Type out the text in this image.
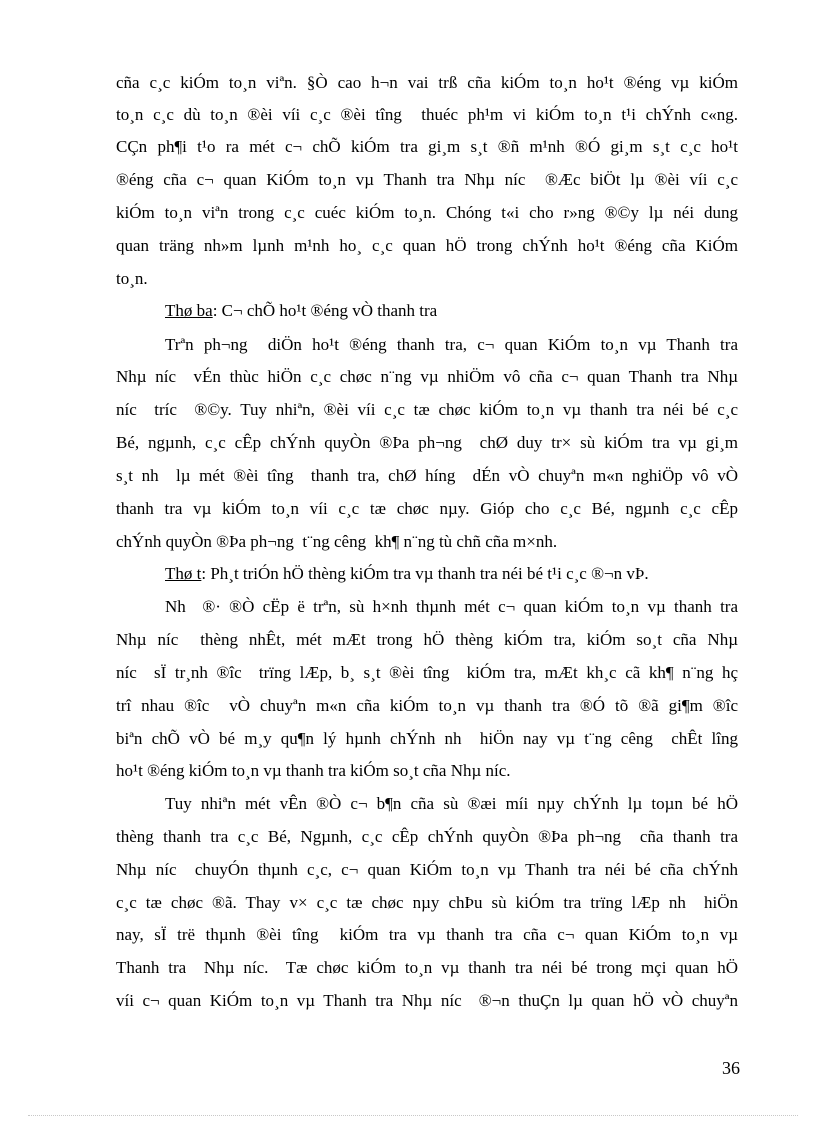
cña c¸c kiÓm to¸n viªn. §Ò cao h¬n vai trß cña kiÓm to¸n ho¹t ®éng vµ kiÓm
to¸n c¸c dù to¸n ®èi víi c¸c ®èi tîng  thuéc ph¹m vi kiÓm to¸n t¹i chÝnh c«ng.
CÇn ph¶i t¹o ra mét c¬ chÕ kiÓm tra gi¸m s¸t ®ñ m¹nh ®Ó gi¸m s¸t c¸c ho¹t
®éng cña c¬ quan KiÓm to¸n vµ Thanh tra Nhµ níc  ®Æc biÖt lµ ®èi víi c¸c
kiÓm to¸n viªn trong c¸c cuéc kiÓm to¸n. Chóng t«i cho r»ng ®©y lµ néi dung
quan träng nh»m lµnh m¹nh ho¸ c¸c quan hÖ trong chÝnh ho¹t ®éng cña KiÓm
to¸n.
Thø ba: C¬ chÕ ho¹t ®éng vÒ thanh tra
Trªn ph¬ng  diÖn ho¹t ®éng thanh tra, c¬ quan KiÓm to¸n vµ Thanh tra
Nhµ níc  vÉn thùc hiÖn c¸c chøc n¨ng vµ nhiÖm vô cña c¬ quan Thanh tra Nhµ
níc  tríc  ®©y. Tuy nhiªn, ®èi víi c¸c tæ chøc kiÓm to¸n vµ thanh tra néi bé c¸c
Bé, ngµnh, c¸c cÊp chÝnh quyÒn ®Þa ph¬ng  chØ duy tr× sù kiÓm tra vµ gi¸m
s¸t nh  lµ mét ®èi tîng  thanh tra, chØ híng  dÉn vÒ chuyªn m«n nghiÖp vô vÒ
thanh tra vµ kiÓm to¸n víi c¸c tæ chøc nµy. Gióp cho c¸c Bé, ngµnh c¸c cÊp
chÝnh quyÒn ®Þa ph¬ng  t¨ng cêng  kh¶ n¨ng tù chñ cña m×nh.
Thø t: Ph¸t triÓn hÖ thèng kiÓm tra vµ thanh tra néi bé t¹i c¸c ®¬n vÞ.
Nh  ®· ®Ò cËp ë trªn, sù h×nh thµnh mét c¬ quan kiÓm to¸n vµ thanh tra
Nhµ níc  thèng nhÊt, mét mÆt trong hÖ thèng kiÓm tra, kiÓm so¸t cña Nhµ
níc  sÏ tr¸nh ®îc  trïng lÆp, b¸ s¸t ®èi tîng  kiÓm tra, mÆt kh¸c cã kh¶ n¨ng hç
trî nhau ®îc  vÒ chuyªn m«n cña kiÓm to¸n vµ thanh tra ®Ó tõ ®ã gi¶m ®îc
biªn chÕ vÒ bé m¸y qu¶n lý hµnh chÝnh nh  hiÖn nay vµ t¨ng cêng  chÊt lîng
ho¹t ®éng kiÓm to¸n vµ thanh tra kiÓm so¸t cña Nhµ níc.
Tuy nhiªn mét vÊn ®Ò c¬ b¶n cña sù ®æi míi nµy chÝnh lµ toµn bé hÖ
thèng thanh tra c¸c Bé, Ngµnh, c¸c cÊp chÝnh quyÒn ®Þa ph¬ng  cña thanh tra
Nhµ níc  chuyÓn thµnh c¸c, c¬ quan KiÓm to¸n vµ Thanh tra néi bé cña chÝnh
c¸c tæ chøc ®ã. Thay v× c¸c tæ chøc nµy chÞu sù kiÓm tra trïng lÆp nh  hiÖn
nay, sÏ trë thµnh ®èi tîng  kiÓm tra vµ thanh tra cña c¬ quan KiÓm to¸n vµ
Thanh tra  Nhµ níc.  Tæ chøc kiÓm to¸n vµ thanh tra néi bé trong mçi quan hÖ
víi c¬ quan KiÓm to¸n vµ Thanh tra Nhµ níc  ®¬n thuÇn lµ quan hÖ vÒ chuyªn
36
